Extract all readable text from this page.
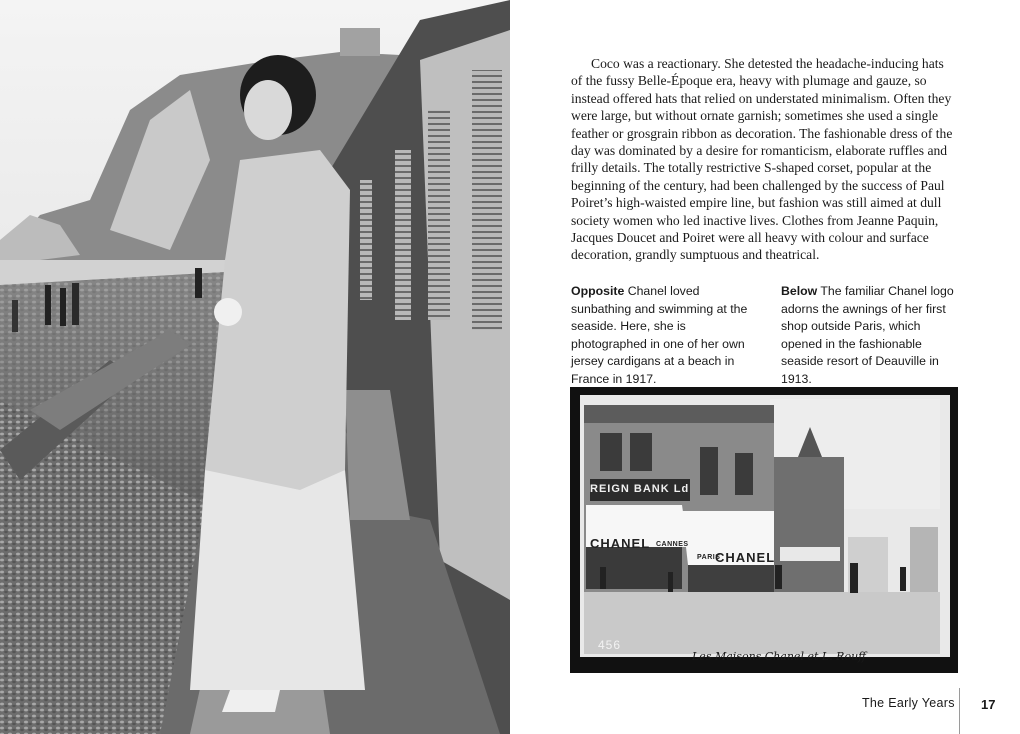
Coco was a reactionary. She detested the headache-inducing hats of the fussy Belle-Époque era, heavy with plumage and gauze, so instead offered hats that relied on understated minimalism. Often they were large, but without ornate garnish; sometimes she used a single feather or grosgrain ribbon as decoration. The fashionable dress of the day was dominated by a desire for romanticism, elaborate ruffles and frilly details. The totally restrictive S-shaped corset, popular at the beginning of the century, had been challenged by the success of Paul Poiret’s high-waisted empire line, but fashion was still aimed at dull society women who led inactive lives. Clothes from Jeanne Paquin, Jacques Doucet and Poiret were all heavy with colour and surface decoration, grandly sumptuous and theatrical.

Opposite Chanel loved sunbathing and swimming at the seaside. Here, she is photographed in one of her own jersey cardigans at a beach in France in 1917.

Below The familiar Chanel logo adorns the awnings of her first shop outside Paris, which opened in the fashionable seaside resort of Deauville in 1913.

REIGN BANK Ld
CHANEL CANNES
PARIS
CHANEL
456
Les Maisons Chanel et L. Rouff
The Early Years 17
